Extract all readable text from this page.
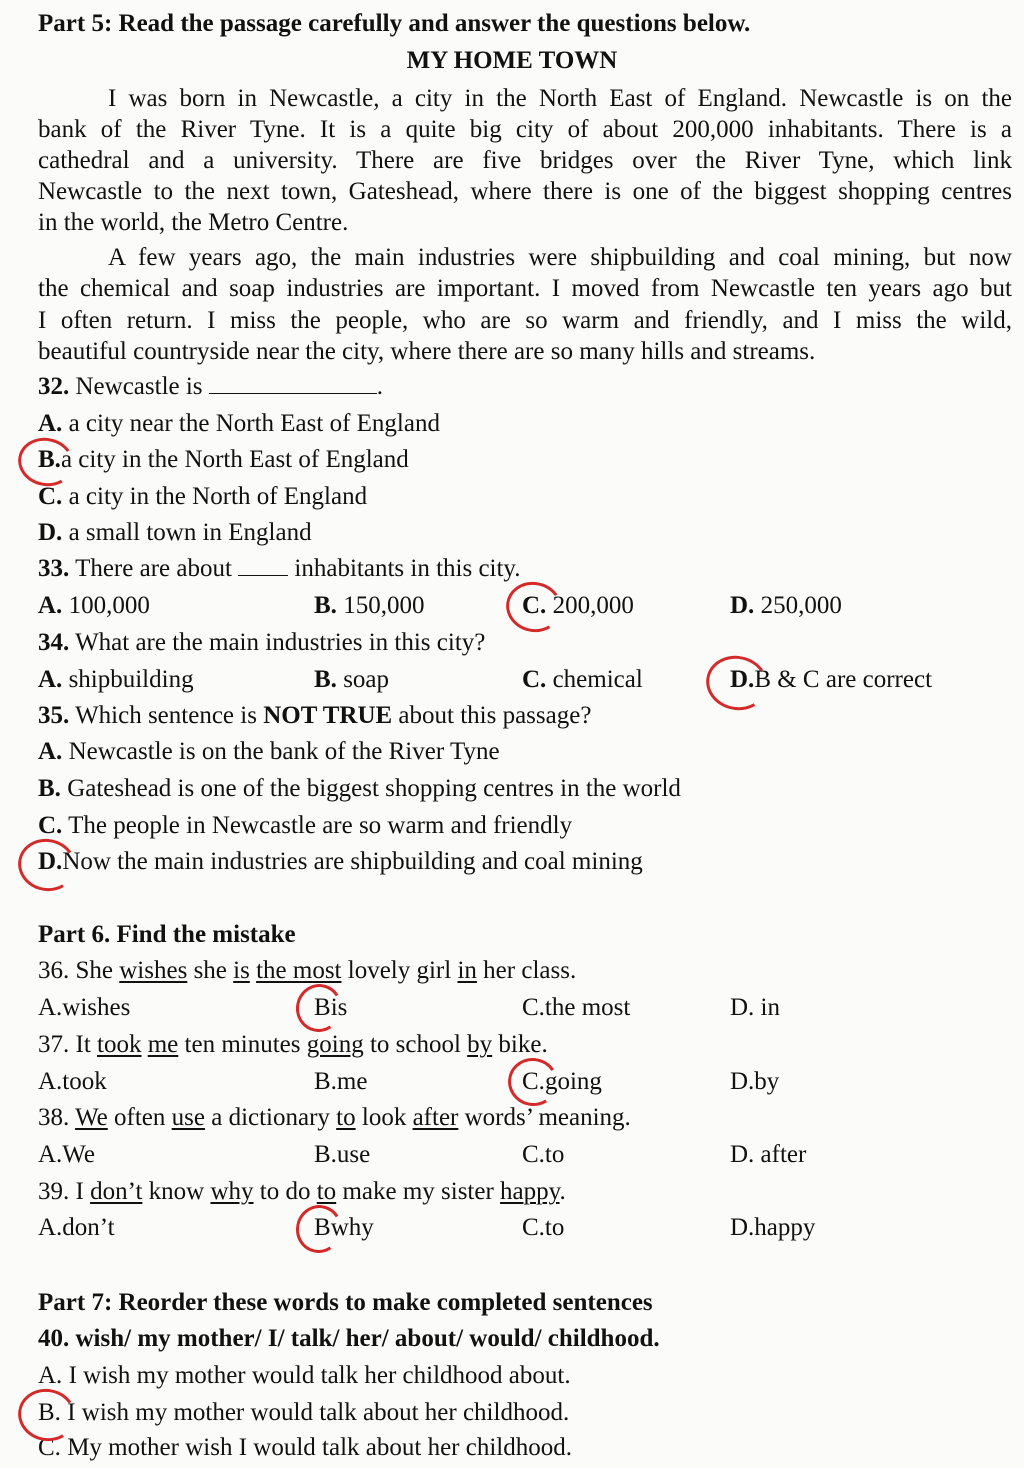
Part 5: Read the passage carefully and answer the questions below.
MY HOME TOWN
I was born in Newcastle, a city in the North East of England. Newcastle is on the
bank of the River Tyne. It is a quite big city of about 200,000 inhabitants. There is a
cathedral and a university. There are five bridges over the River Tyne, which link
Newcastle to the next town, Gateshead, where there is one of the biggest shopping centres
in the world, the Metro Centre.
A few years ago, the main industries were shipbuilding and coal mining, but now
the chemical and soap industries are important. I moved from Newcastle ten years ago but
I often return. I miss the people, who are so warm and friendly, and I miss the wild,
beautiful countryside near the city, where there are so many hills and streams.
32. Newcastle is	.
A. a city near the North East of England
B.a city in the North East of England
C. a city in the North of England
D. a small town in England
33. There are about	inhabitants in this city.
A. 100,000	B. 150,000	C. 200,000	D. 250,000
34. What are the main industries in this city?
A. shipbuilding	B. soap	C. chemical	D.B & C are correct
35. Which sentence is NOT TRUE about this passage?
A. Newcastle is on the bank of the River Tyne
B. Gateshead is one of the biggest shopping centres in the world
C. The people in Newcastle are so warm and friendly
D.Now the main industries are shipbuilding and coal mining
Part 6. Find the mistake
36. She wishes she is the most lovely girl in her class.
A.wishes	Bis	C.the most	D. in
37. It took me ten minutes going to school by bike.
A.took	B.me	C.going	D.by
38. We often use a dictionary to look after words’ meaning.
A.We	B.use	C.to	D. after
39. I don’t know why to do to make my sister happy.
A.don’t	Bwhy	C.to	D.happy
Part 7: Reorder these words to make completed sentences
40. wish/ my mother/ I/ talk/ her/ about/ would/ childhood.
A. I wish my mother would talk her childhood about.
B. I wish my mother would talk about her childhood.
C. My mother wish I would talk about her childhood.
